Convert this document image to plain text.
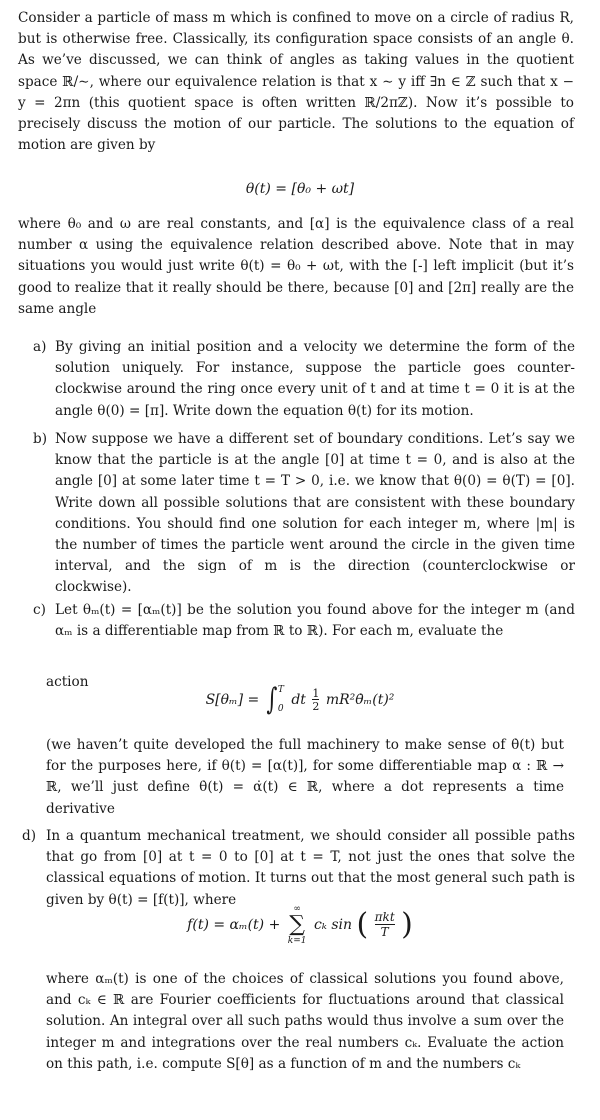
Consider a particle of mass m which is confined to move on a circle of radius R, but is otherwise free. Classically, its configuration space consists of an angle θ. As we’ve discussed, we can think of angles as taking values in the quotient space ℝ/∼, where our equivalence relation is that x ∼ y iff ∃n ∈ ℤ such that x − y = 2πn (this quotient space is often written ℝ/2πℤ). Now it’s possible to precisely discuss the motion of our particle. The solutions to the equation of motion are given by

θ(t) = [θ₀ + ωt]

where θ₀ and ω are real constants, and [α] is the equivalence class of a real number α using the equivalence relation described above. Note that in may situations you would just write θ(t) = θ₀ + ωt, with the [-] left implicit (but it’s good to realize that it really should be there, because [0] and [2π] really are the same angle

a) By giving an initial position and a velocity we determine the form of the solution uniquely. For instance, suppose the particle goes counter-clockwise around the ring once every unit of t and at time t = 0 it is at the angle θ(0) = [π]. Write down the equation θ(t) for its motion.

b) Now suppose we have a different set of boundary conditions. Let’s say we know that the particle is at the angle [0] at time t = 0, and is also at the angle [0] at some later time t = T > 0, i.e. we know that θ(0) = θ(T) = [0]. Write down all possible solutions that are consistent with these boundary conditions. You should find one solution for each integer m, where |m| is the number of times the particle went around the circle in the given time interval, and the sign of m is the direction (counterclockwise or clockwise).

c) Let θₘ(t) = [αₘ(t)] be the solution you found above for the integer m (and αₘ is a differentiable map from ℝ to ℝ). For each m, evaluate the

action

S[θₘ] = ∫ T
0
dt $\frac{1}{2}$ mR²θ̇ₘ(t)²

(we haven’t quite developed the full machinery to make sense of θ̇(t) but for the purposes here, if θ(t) = [α(t)], for some differentiable map α : ℝ → ℝ, we’ll just define θ̇(t) = α̇(t) ∈ ℝ, where a dot represents a time derivative

d) In a quantum mechanical treatment, we should consider all possible paths that go from [0] at t = 0 to [0] at t = T, not just the ones that solve the classical equations of motion. It turns out that the most general such path is given by θ(t) = [f(t)], where

f(t) = αₘ(t) + ∞
∑
k=1 cₖ sin ( $\frac{\text{πkt}}{T}$ )

where αₘ(t) is one of the choices of classical solutions you found above, and cₖ ∈ ℝ are Fourier coefficients for fluctuations around that classical solution. An integral over all such paths would thus involve a sum over the integer m and integrations over the real numbers cₖ. Evaluate the action on this path, i.e. compute S[θ] as a function of m and the numbers cₖ
